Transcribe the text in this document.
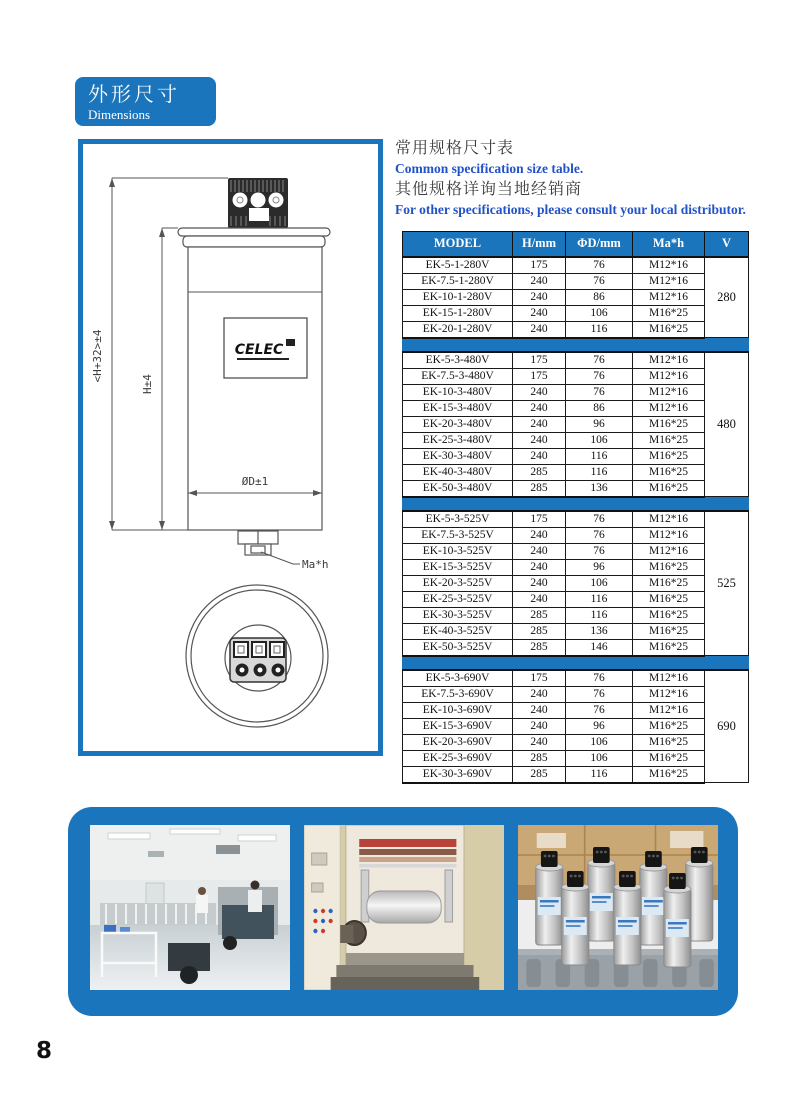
外形尺寸
Dimensions
CELEC
<H+32>±4
H±4
ØD±1
Ma*h
常用规格尺寸表
Common specification size table.
其他规格详询当地经销商
For other specifications, please consult your local distributor.
MODEL	H/mm	ΦD/mm	Ma*h	V
EK-5-1-280V	175	76	M12*16	280
EK-7.5-1-280V	240	76	M12*16	
EK-10-1-280V	240	86	M12*16	
EK-15-1-280V	240	106	M16*25	
EK-20-1-280V	240	116	M16*25	

EK-5-3-480V	175	76	M12*16	480
EK-7.5-3-480V	175	76	M12*16	
EK-10-3-480V	240	76	M12*16	
EK-15-3-480V	240	86	M12*16	
EK-20-3-480V	240	96	M16*25	
EK-25-3-480V	240	106	M16*25	
EK-30-3-480V	240	116	M16*25	
EK-40-3-480V	285	116	M16*25	
EK-50-3-480V	285	136	M16*25	

EK-5-3-525V	175	76	M12*16	525
EK-7.5-3-525V	240	76	M12*16	
EK-10-3-525V	240	76	M12*16	
EK-15-3-525V	240	96	M16*25	
EK-20-3-525V	240	106	M16*25	
EK-25-3-525V	240	116	M16*25	
EK-30-3-525V	285	116	M16*25	
EK-40-3-525V	285	136	M16*25	
EK-50-3-525V	285	146	M16*25	

EK-5-3-690V	175	76	M12*16	690
EK-7.5-3-690V	240	76	M12*16	
EK-10-3-690V	240	76	M12*16	
EK-15-3-690V	240	96	M16*25	
EK-20-3-690V	240	106	M16*25	
EK-25-3-690V	285	106	M16*25	
EK-30-3-690V	285	116	M16*25	
8
